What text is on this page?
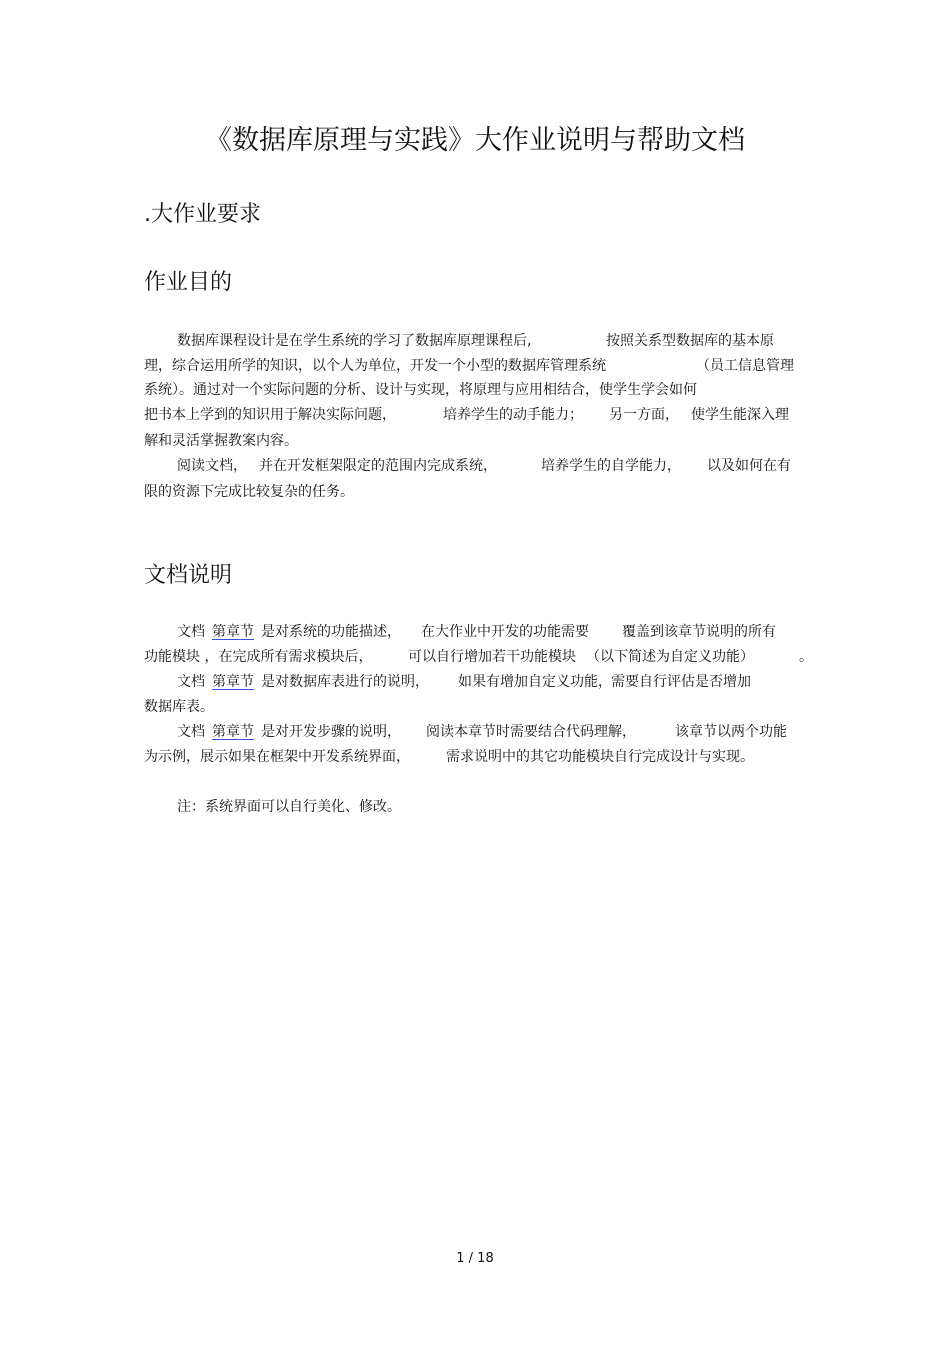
《数据库原理与实践》大作业说明与帮助文档
.大作业要求
作业目的
数据库课程设计是在学生系统的学习了数据库原理课程后,	按照关系型数据库的基本原
理，综合运用所学的知识，以个人为单位，开发一个小型的数据库管理系统	（员工信息管理
系统）。通过对一个实际问题的分析、设计与实现，将原理与应用相结合，使学生学会如何
把书本上学到的知识用于解决实际问题，	培养学生的动手能力； 另一方面， 使学生能深入理
解和灵活掌握教案内容。
阅读文档， 并在开发框架限定的范围内完成系统，	培养学生的自学能力， 以及如何在有
限的资源下完成比较复杂的任务。
文档说明
文档 第章节 是对系统的功能描述， 在大作业中开发的功能需要 覆盖到该章节说明的所有
功能模块 ，在完成所有需求模块后，	可以自行增加若干功能模块 （以下简述为自定义功能）	。
文档 第章节 是对数据库表进行的说明， 如果有增加自定义功能， 需要自行评估是否增加
数据库表。
文档 第章节 是对开发步骤的说明， 阅读本章节时需要结合代码理解，	该章节以两个功能
为示例，展示如果在框架中开发系统界面，	需求说明中的其它功能模块自行完成设计与实现。
注：系统界面可以自行美化、修改。
1 / 18
